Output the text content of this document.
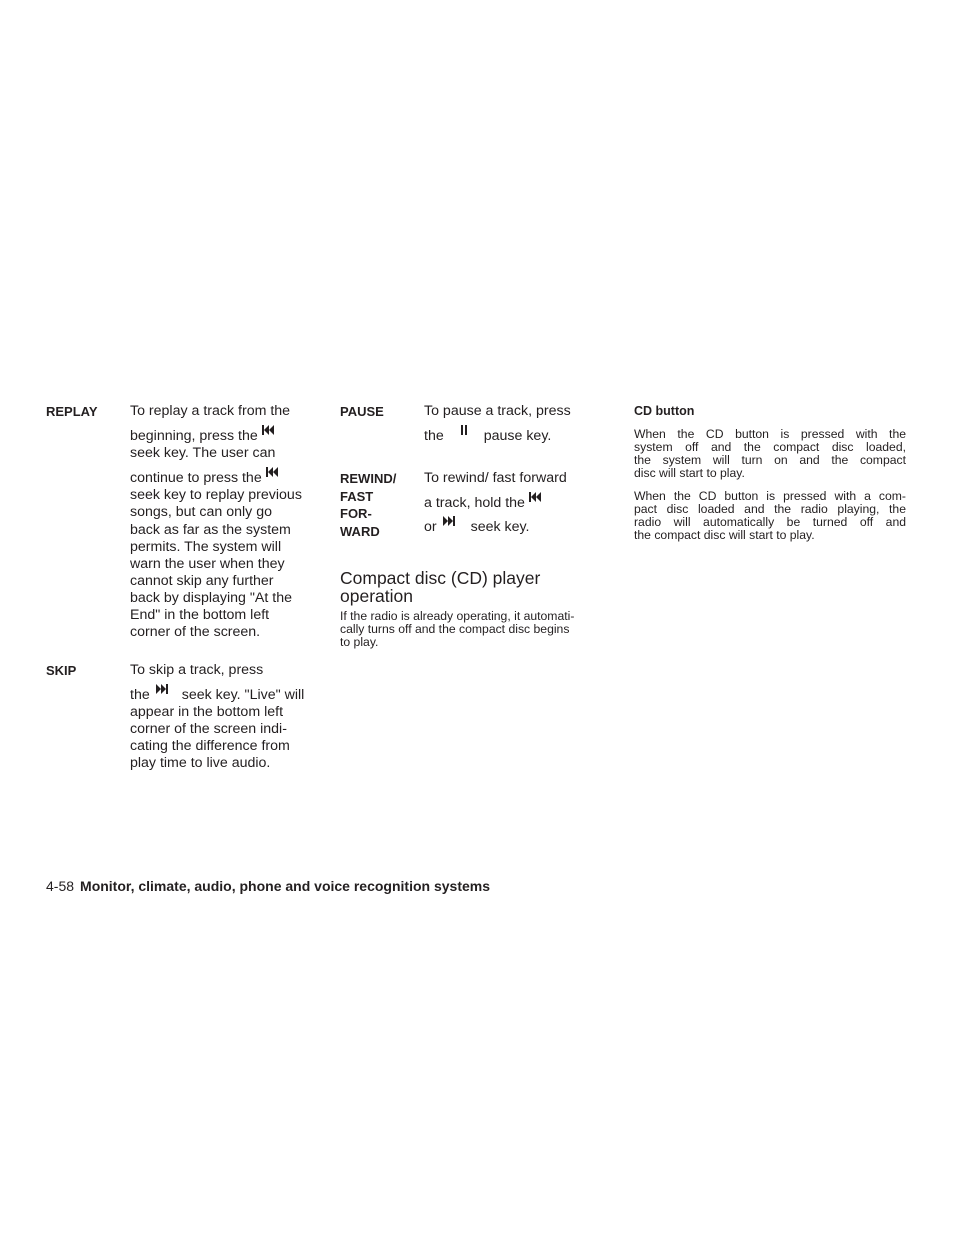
REPLAY To replay a track from the
beginning, press the
seek key. The user can
continue to press the
seek key to replay previous
songs, but can only go
back as far as the system
permits. The system will
warn the user when they
cannot skip any further
back by displaying "At the
End" in the bottom left
corner of the screen.
SKIP	To skip a track, press
the seek key. "Live" will
appear in the bottom left
corner of the screen indi-
cating the difference from
play time to live audio.
PAUSE	To pause a track, press
the	pause key.
REWIND/
FAST
FOR-
WARD
To rewind/ fast forward
a track, hold the
or seek key.
Compact disc (CD) player
operation
If the radio is already operating, it automati-
cally turns off and the compact disc begins
to play.
CD button
When the CD button is pressed with the
system off and the compact disc loaded,
the system will turn on and the compact
disc will start to play.
When the CD button is pressed with a com-
pact disc loaded and the radio playing, the
radio will automatically be turned off and
the compact disc will start to play.
4-58 Monitor, climate, audio, phone and voice recognition systems
